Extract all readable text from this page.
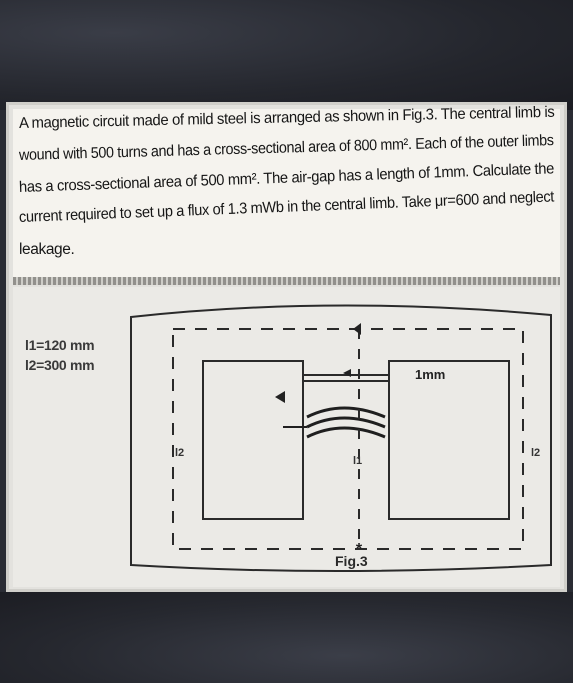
A magnetic circuit made of mild steel is arranged as shown in Fig.3. The central limb is
wound with 500 turns and has a cross-sectional area of 800 mm². Each of the outer limbs
has a cross-sectional area of 500 mm². The air-gap has a length of 1mm. Calculate the
current required to set up a flux of 1.3 mWb in the central limb. Take μr=600 and neglect
leakage.
l1=120 mm
l2=300 mm
*
1mm
l2	l2
l1
Fig.3
